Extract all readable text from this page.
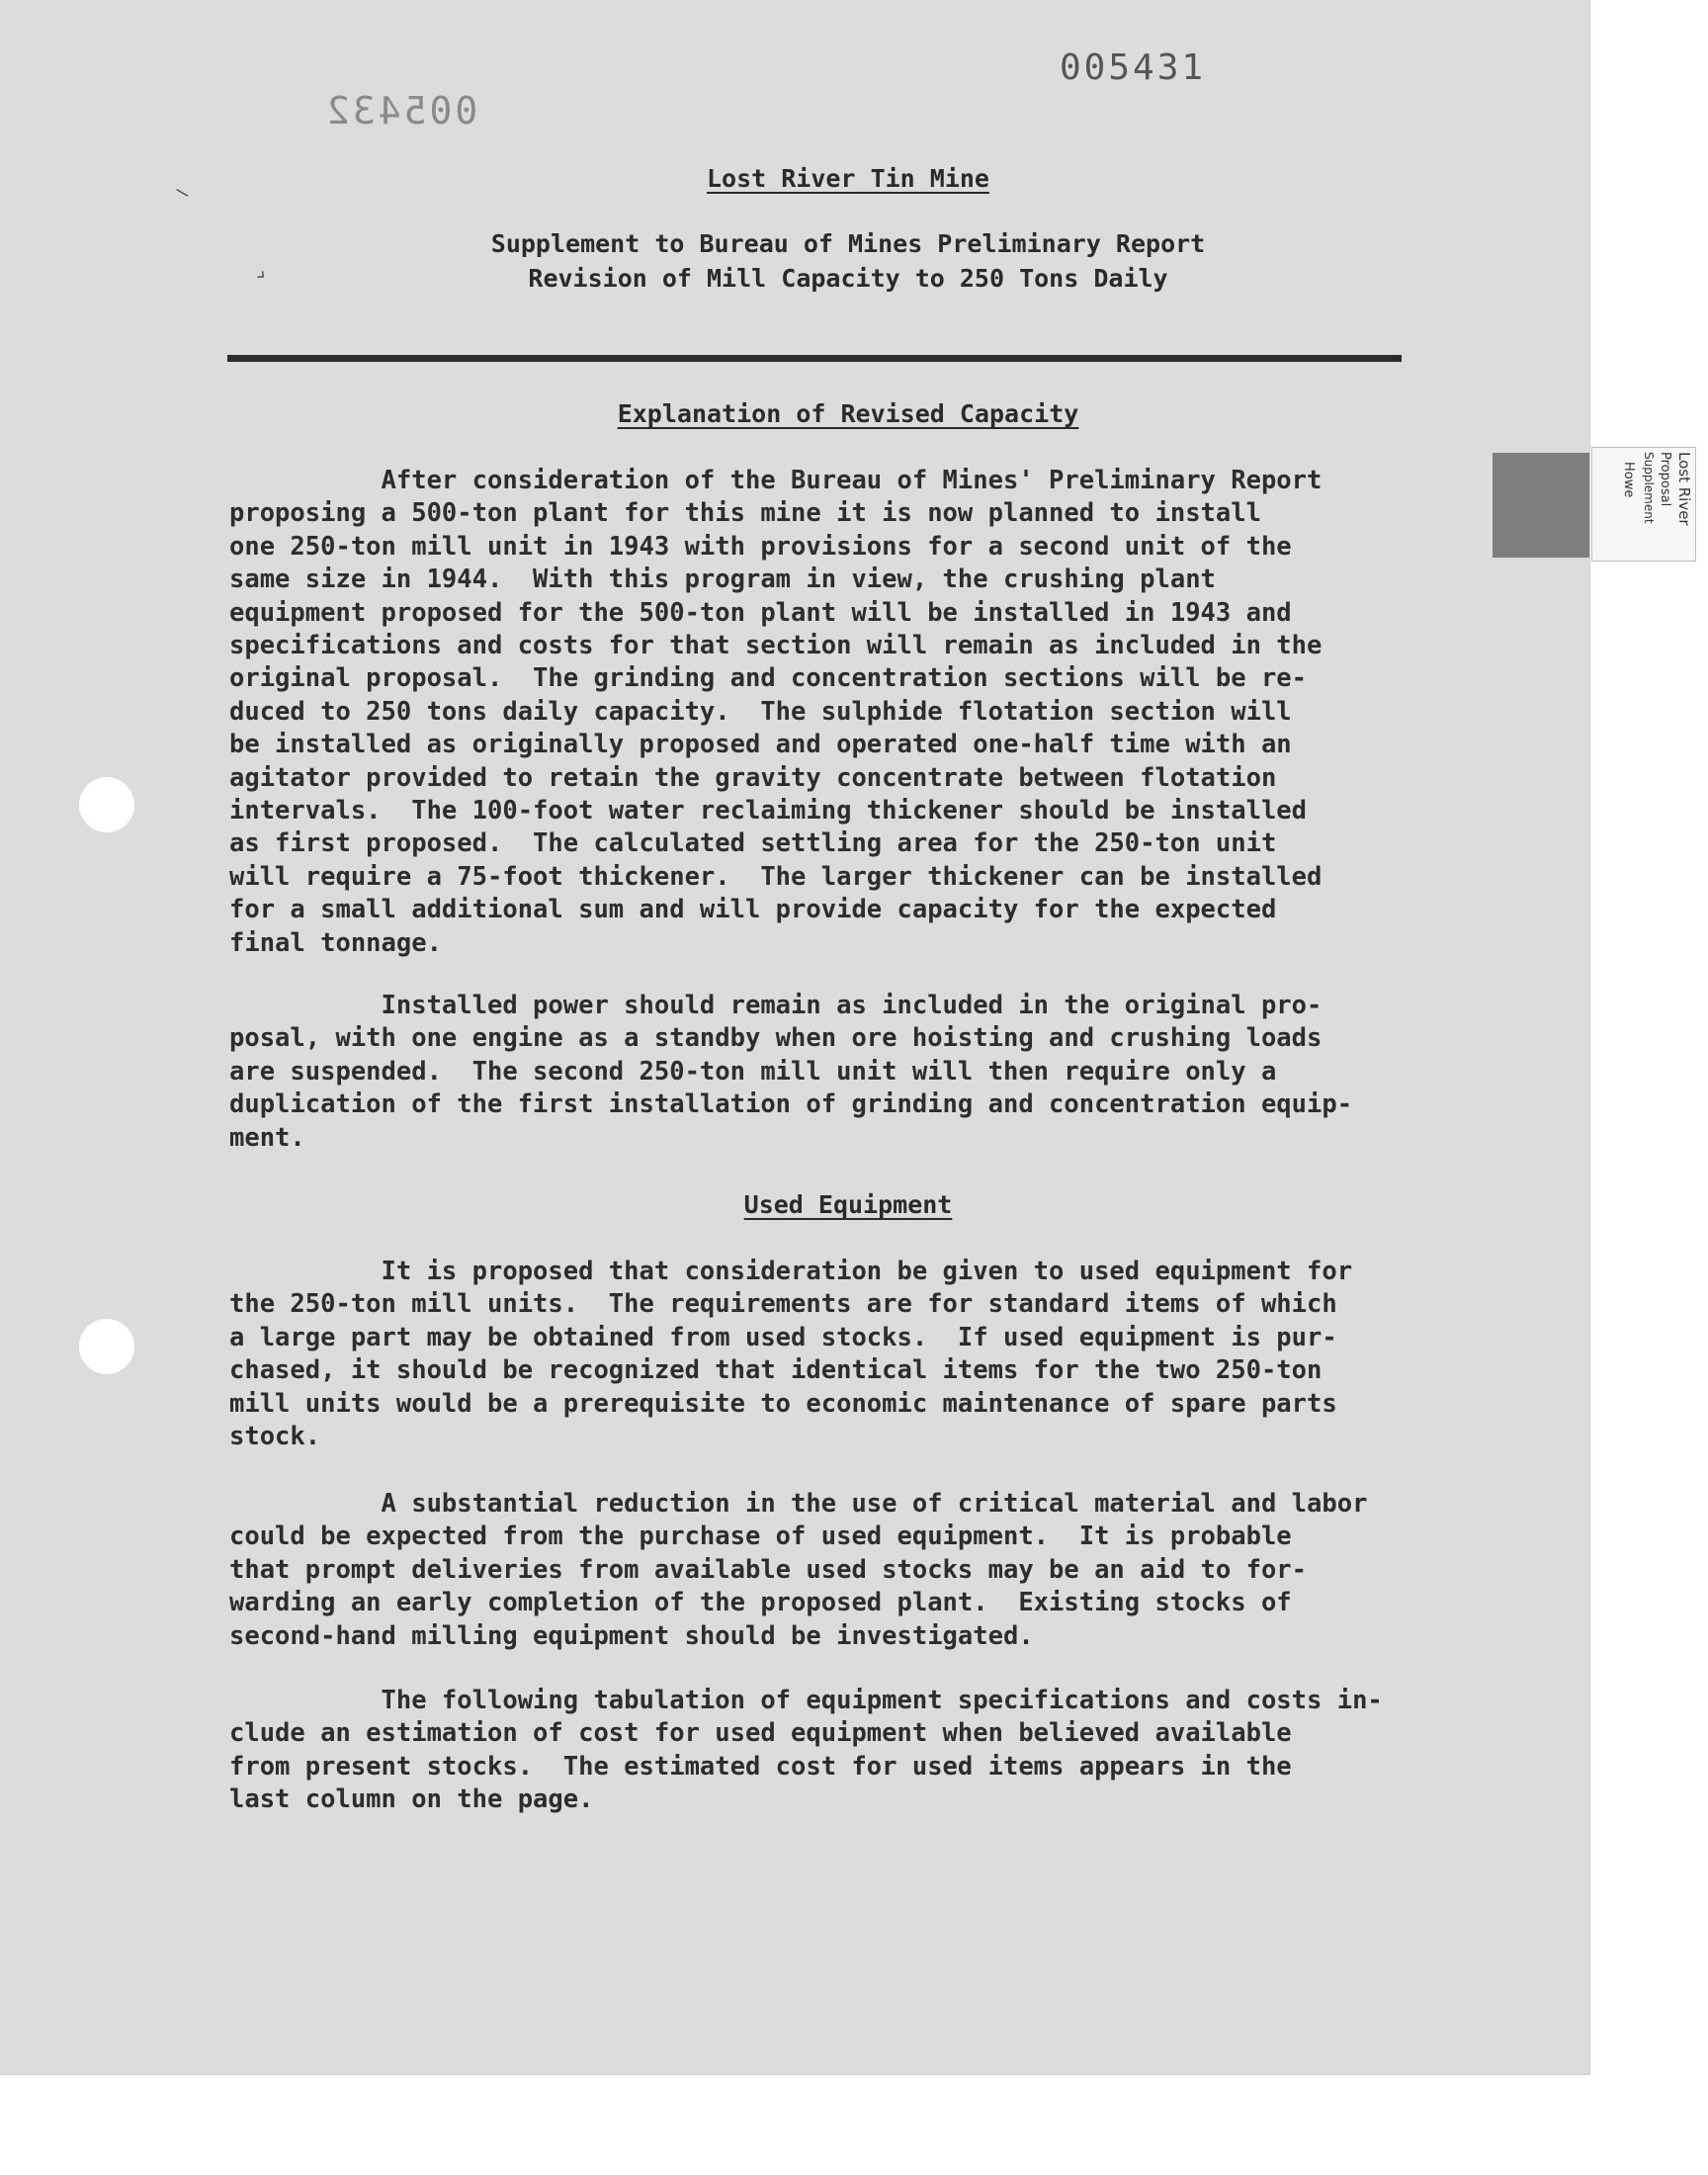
005431
005432
—
›
Lost River Tin Mine
Supplement to Bureau of Mines Preliminary Report
Revision of Mill Capacity to 250 Tons Daily
Explanation of Revised Capacity

After consideration of the Bureau of Mines' Preliminary Report
proposing a 500-ton plant for this mine it is now planned to install
one 250-ton mill unit in 1943 with provisions for a second unit of the
same size in 1944.  With this program in view, the crushing plant
equipment proposed for the 500-ton plant will be installed in 1943 and
specifications and costs for that section will remain as included in the
original proposal.  The grinding and concentration sections will be re-
duced to 250 tons daily capacity.  The sulphide flotation section will
be installed as originally proposed and operated one-half time with an
agitator provided to retain the gravity concentrate between flotation
intervals.  The 100-foot water reclaiming thickener should be installed
as first proposed.  The calculated settling area for the 250-ton unit
will require a 75-foot thickener.  The larger thickener can be installed
for a small additional sum and will provide capacity for the expected
final tonnage.

Installed power should remain as included in the original pro-
posal, with one engine as a standby when ore hoisting and crushing loads
are suspended.  The second 250-ton mill unit will then require only a
duplication of the first installation of grinding and concentration equip-
ment.

Used Equipment

It is proposed that consideration be given to used equipment for
the 250-ton mill units.  The requirements are for standard items of which
a large part may be obtained from used stocks.  If used equipment is pur-
chased, it should be recognized that identical items for the two 250-ton
mill units would be a prerequisite to economic maintenance of spare parts
stock.

A substantial reduction in the use of critical material and labor
could be expected from the purchase of used equipment.  It is probable
that prompt deliveries from available used stocks may be an aid to for-
warding an early completion of the proposed plant.  Existing stocks of
second-hand milling equipment should be investigated.

The following tabulation of equipment specifications and costs in-
clude an estimation of cost for used equipment when believed available
from present stocks.  The estimated cost for used items appears in the
last column on the page.

Lost River
Proposal
Supplement
Howe
